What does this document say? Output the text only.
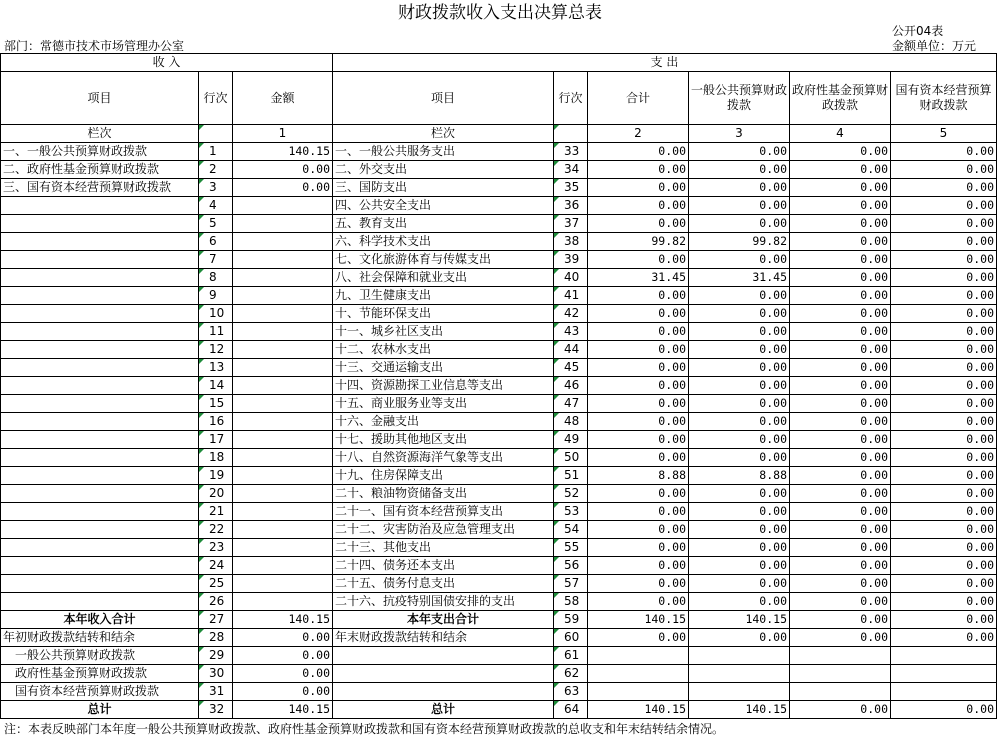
财政拨款收入支出决算总表
公开04表
部门：常德市技术市场管理办公室	金额单位：万元
收 入			支 出					
项目	行次	金额	项目	行次	合计	一般公共预算财政拨款	政府性基金预算财政拨款	国有资本经营预算财政拨款
栏次		1	栏次		2	3	4	5
一、一般公共预算财政拨款	1	140.15	一、一般公共服务支出	33	0.00	0.00	0.00	0.00
二、政府性基金预算财政拨款	2	0.00	二、外交支出	34	0.00	0.00	0.00	0.00
三、国有资本经营预算财政拨款	3	0.00	三、国防支出	35	0.00	0.00	0.00	0.00
	4		四、公共安全支出	36	0.00	0.00	0.00	0.00
	5		五、教育支出	37	0.00	0.00	0.00	0.00
	6		六、科学技术支出	38	99.82	99.82	0.00	0.00
	7		七、文化旅游体育与传媒支出	39	0.00	0.00	0.00	0.00
	8		八、社会保障和就业支出	40	31.45	31.45	0.00	0.00
	9		九、卫生健康支出	41	0.00	0.00	0.00	0.00
	10		十、节能环保支出	42	0.00	0.00	0.00	0.00
	11		十一、城乡社区支出	43	0.00	0.00	0.00	0.00
	12		十二、农林水支出	44	0.00	0.00	0.00	0.00
	13		十三、交通运输支出	45	0.00	0.00	0.00	0.00
	14		十四、资源勘探工业信息等支出	46	0.00	0.00	0.00	0.00
	15		十五、商业服务业等支出	47	0.00	0.00	0.00	0.00
	16		十六、金融支出	48	0.00	0.00	0.00	0.00
	17		十七、援助其他地区支出	49	0.00	0.00	0.00	0.00
	18		十八、自然资源海洋气象等支出	50	0.00	0.00	0.00	0.00
	19		十九、住房保障支出	51	8.88	8.88	0.00	0.00
	20		二十、粮油物资储备支出	52	0.00	0.00	0.00	0.00
	21		二十一、国有资本经营预算支出	53	0.00	0.00	0.00	0.00
	22		二十二、灾害防治及应急管理支出	54	0.00	0.00	0.00	0.00
	23		二十三、其他支出	55	0.00	0.00	0.00	0.00
	24		二十四、债务还本支出	56	0.00	0.00	0.00	0.00
	25		二十五、债务付息支出	57	0.00	0.00	0.00	0.00
	26		二十六、抗疫特别国债安排的支出	58	0.00	0.00	0.00	0.00
本年收入合计	27	140.15	本年支出合计	59	140.15	140.15	0.00	0.00
年初财政拨款结转和结余	28	0.00	年末财政拨款结转和结余	60	0.00	0.00	0.00	0.00
一般公共预算财政拨款	29	0.00		61				
政府性基金预算财政拨款	30	0.00		62				
国有资本经营预算财政拨款	31	0.00		63				
总计	32	140.15	总计	64	140.15	140.15	0.00	0.00
注：本表反映部门本年度一般公共预算财政拨款、政府性基金预算财政拨款和国有资本经营预算财政拨款的总收支和年末结转结余情况。
